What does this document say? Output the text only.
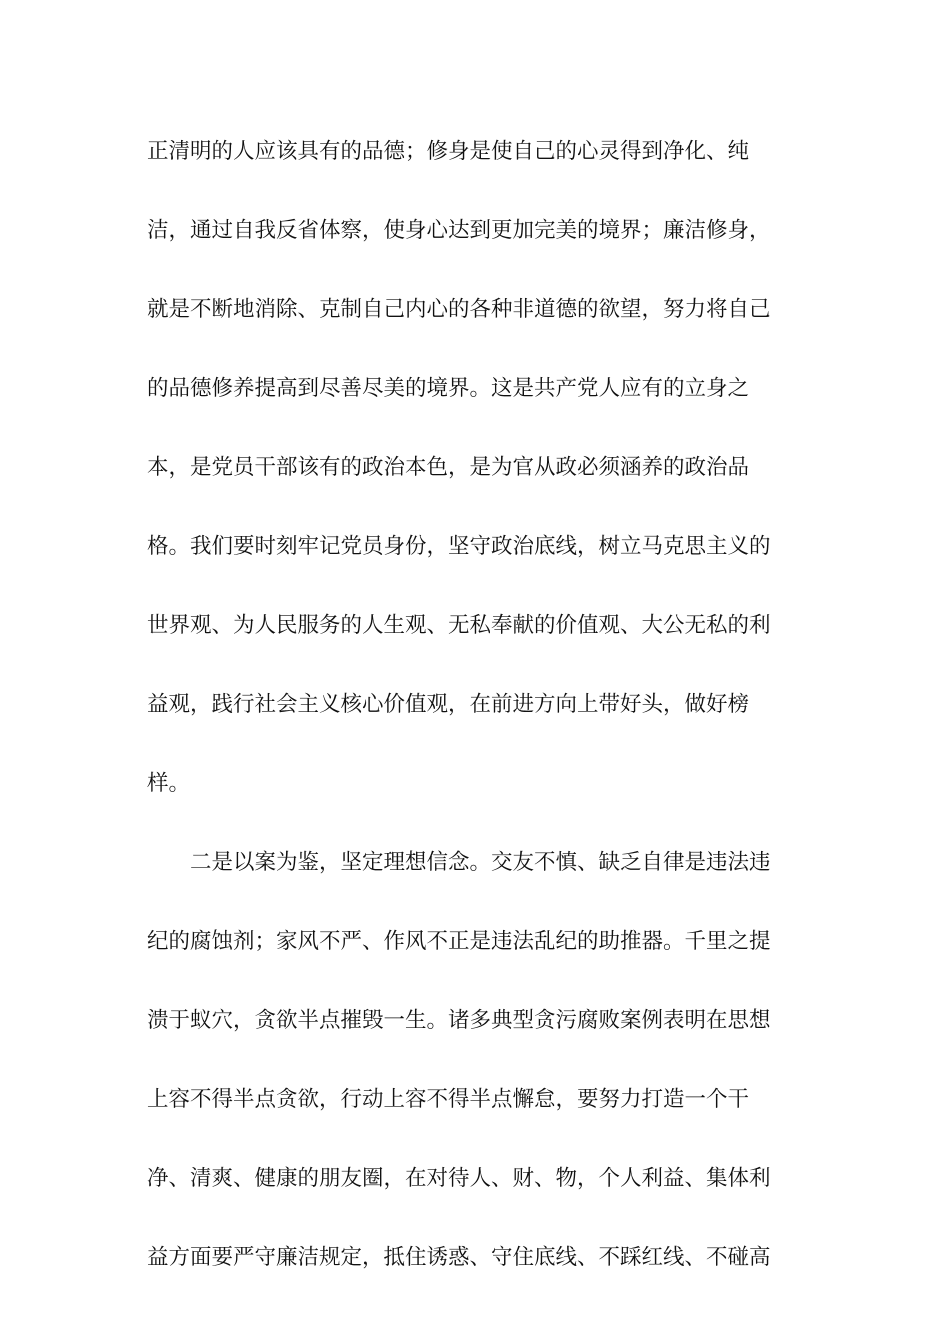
正清明的人应该具有的品德；修身是使自己的心灵得到净化、纯
洁，通过自我反省体察，使身心达到更加完美的境界；廉洁修身，
就是不断地消除、克制自己内心的各种非道德的欲望，努力将自己
的品德修养提高到尽善尽美的境界。这是共产党人应有的立身之
本，是党员干部该有的政治本色，是为官从政必须涵养的政治品
格。我们要时刻牢记党员身份，坚守政治底线，树立马克思主义的
世界观、为人民服务的人生观、无私奉献的价值观、大公无私的利
益观，践行社会主义核心价值观，在前进方向上带好头，做好榜
样。
二是以案为鉴，坚定理想信念。交友不慎、缺乏自律是违法违
纪的腐蚀剂；家风不严、作风不正是违法乱纪的助推器。千里之提
溃于蚁穴，贪欲半点摧毁一生。诸多典型贪污腐败案例表明在思想
上容不得半点贪欲，行动上容不得半点懈怠，要努力打造一个干
净、清爽、健康的朋友圈，在对待人、财、物，个人利益、集体利
益方面要严守廉洁规定，抵住诱惑、守住底线、不踩红线、不碰高
